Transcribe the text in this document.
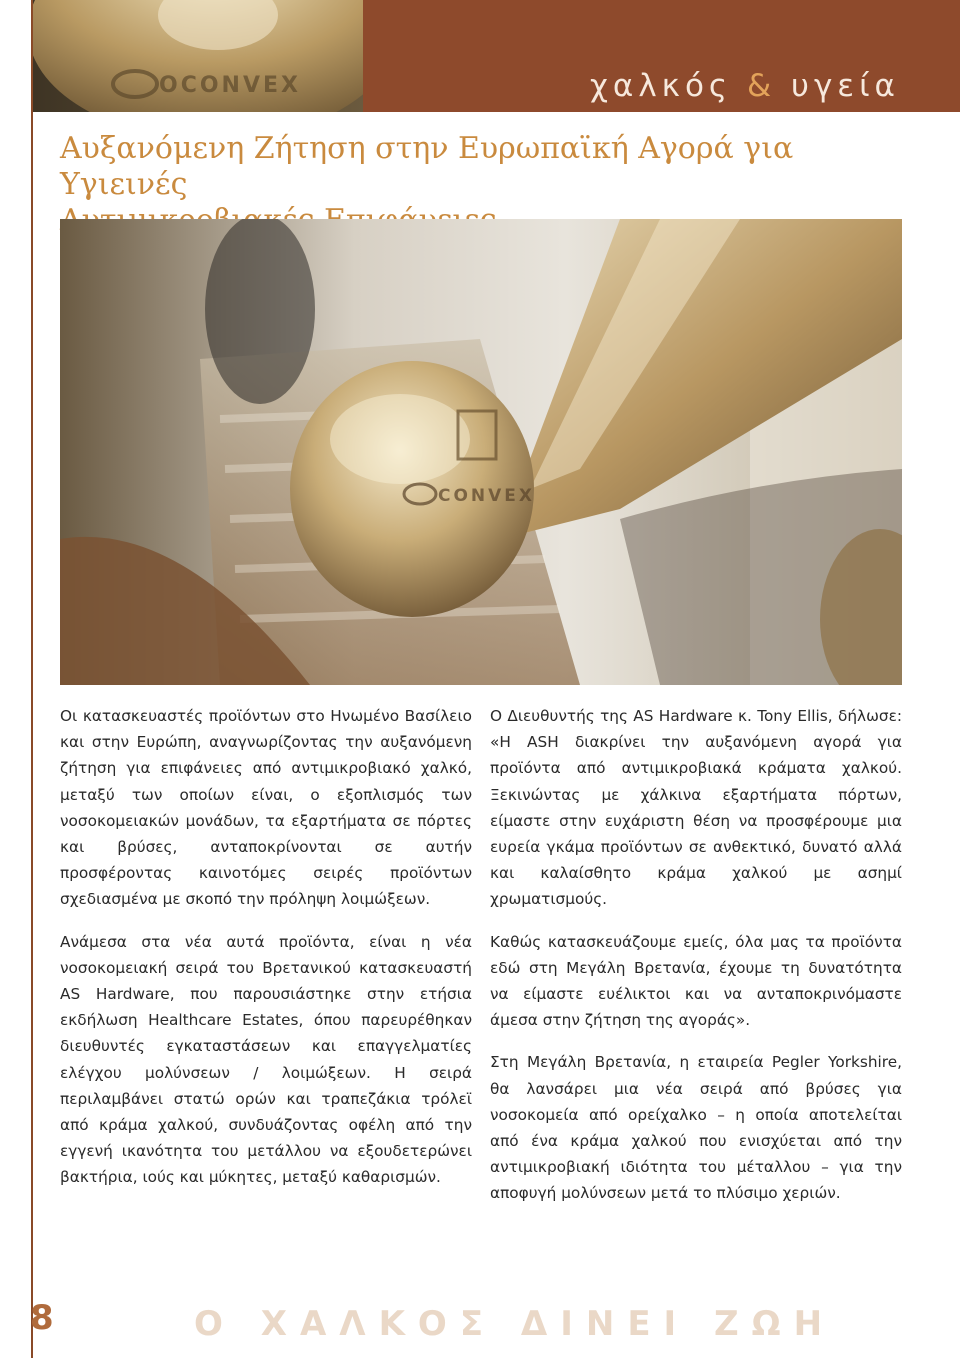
OCONVEX	χαλκός & υγεία
Αυξανόμενη Ζήτηση στην Ευρωπαϊκή Αγορά για Υγιεινές

CONVEX

Οι κατασκευαστές προϊόντων στο Ηνωμένο Βασίλειο και στην Ευρώπη, αναγνωρίζοντας την αυξανόμενη ζήτηση για επιφάνειες από αντιμικροβιακό χαλκό, μεταξύ των οποίων είναι, ο εξοπλισμός των νοσοκομειακών μονάδων, τα εξαρτήματα σε πόρτες και βρύσες, ανταποκρίνονται σε αυτήν προσφέροντας καινοτόμες σειρές προϊόντων σχεδιασμένα με σκοπό την πρόληψη λοιμώξεων.

Ανάμεσα στα νέα αυτά προϊόντα, είναι η νέα νοσοκομειακή σειρά του Βρετανικού κατασκευαστή AS Hardware, που παρουσιάστηκε στην ετήσια εκδήλωση Healthcare Estates, όπου παρευρέθηκαν διευθυντές εγκαταστάσεων και επαγγελματίες ελέγχου μολύνσεων / λοιμώξεων. Η σειρά περιλαμβάνει στατώ ορών και τραπεζάκια τρόλεϊ από κράμα χαλκού, συνδυάζοντας οφέλη από την εγγενή ικανότητα του μετάλλου να εξουδετερώνει βακτήρια, ιούς και μύκητες, μεταξύ καθαρισμών.

Ο Διευθυντής της AS Hardware κ. Tony Ellis, δήλωσε: «Η ASH διακρίνει την αυξανόμενη αγορά για προϊόντα από αντιμικροβιακά κράματα χαλκού. Ξεκινώντας με χάλκινα εξαρτήματα πόρτων, είμαστε στην ευχάριστη θέση να προσφέρουμε μια ευρεία γκάμα προϊόντων σε ανθεκτικό, δυνατό αλλά και καλαίσθητο κράμα χαλκού με ασημί χρωματισμούς.

Καθώς κατασκευάζουμε εμείς, όλα μας τα προϊόντα εδώ στη Μεγάλη Βρετανία, έχουμε τη δυνατότητα να είμαστε ευέλικτοι και να ανταποκρινόμαστε άμεσα στην ζήτηση της αγοράς».

Στη Μεγάλη Βρετανία, η εταιρεία Pegler Yorkshire, θα λανσάρει μια νέα σειρά από βρύσες για νοσοκομεία από ορείχαλκο – η οποία αποτελείται από ένα κράμα χαλκού που ενισχύεται από την αντιμικροβιακή ιδιότητα του μέταλλου – για την αποφυγή μολύνσεων μετά το πλύσιμο χεριών.

8	Ο ΧΑΛΚΟΣ ΔΙΝΕΙ ΖΩΗ
